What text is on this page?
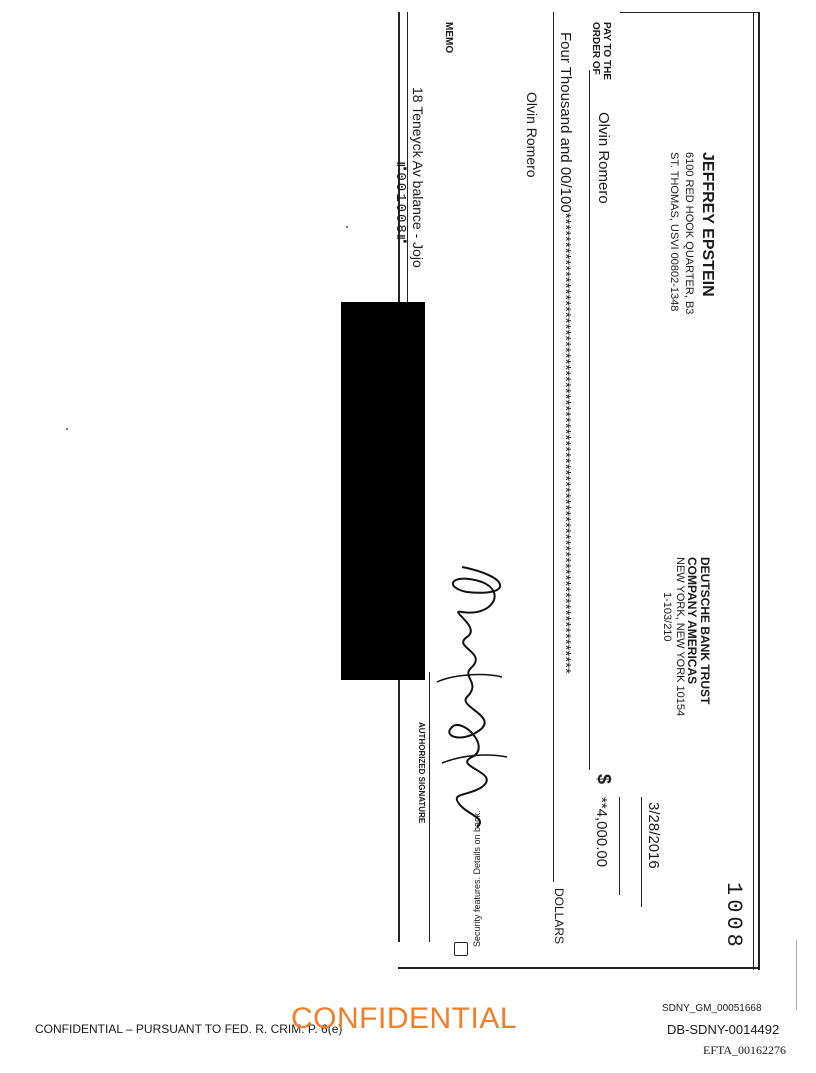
1008
JEFFREY EPSTEIN
6100 RED HOOK QUARTER, B3
ST. THOMAS, USVI 00802-1348
DEUTSCHE BANK TRUST
COMPANY AMERICAS
NEW YORK, NEW YORK 10154
1-103/210
3/28/2016
PAY TO THE
ORDER OF
Olvin Romero
$
**4,000.00
Four Thousand and 00/100*******************************************************************************
DOLLARS
Olvin Romero
Security features. Details on back.
MEMO
18 Teneyck Av balance - Jojo
⑈001008⑈
AUTHORIZED SIGNATURE
CONFIDENTIAL – PURSUANT TO FED. R. CRIM. P. 6(e)
CONFIDENTIAL	SDNY_GM_00051668
DB-SDNY-0014492
EFTA_00162276
